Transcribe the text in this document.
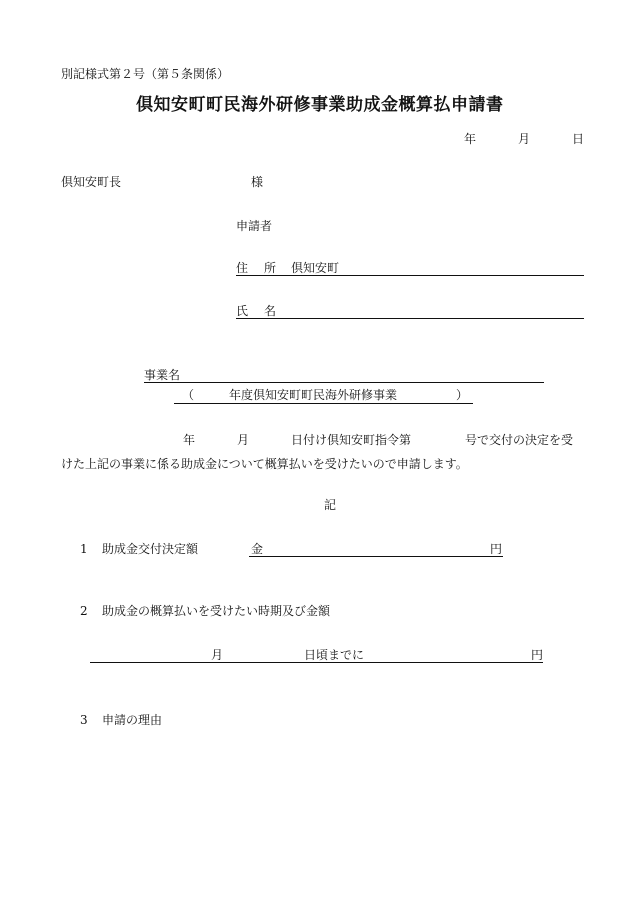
別記様式第２号（第５条関係）
倶知安町町民海外研修事業助成金概算払申請書
年	月	日
倶知安町長	様
申請者
住 所 倶知安町
氏 名
事業名
（	年度倶知安町町民海外研修事業	）
年	月	日付け倶知安町指令第	号で交付の決定を受
けた上記の事業に係る助成金について概算払いを受けたいので申請します。
記
1 助成金交付決定額	金	円
2 助成金の概算払いを受けたい時期及び金額
月	日頃までに	円
3 申請の理由
